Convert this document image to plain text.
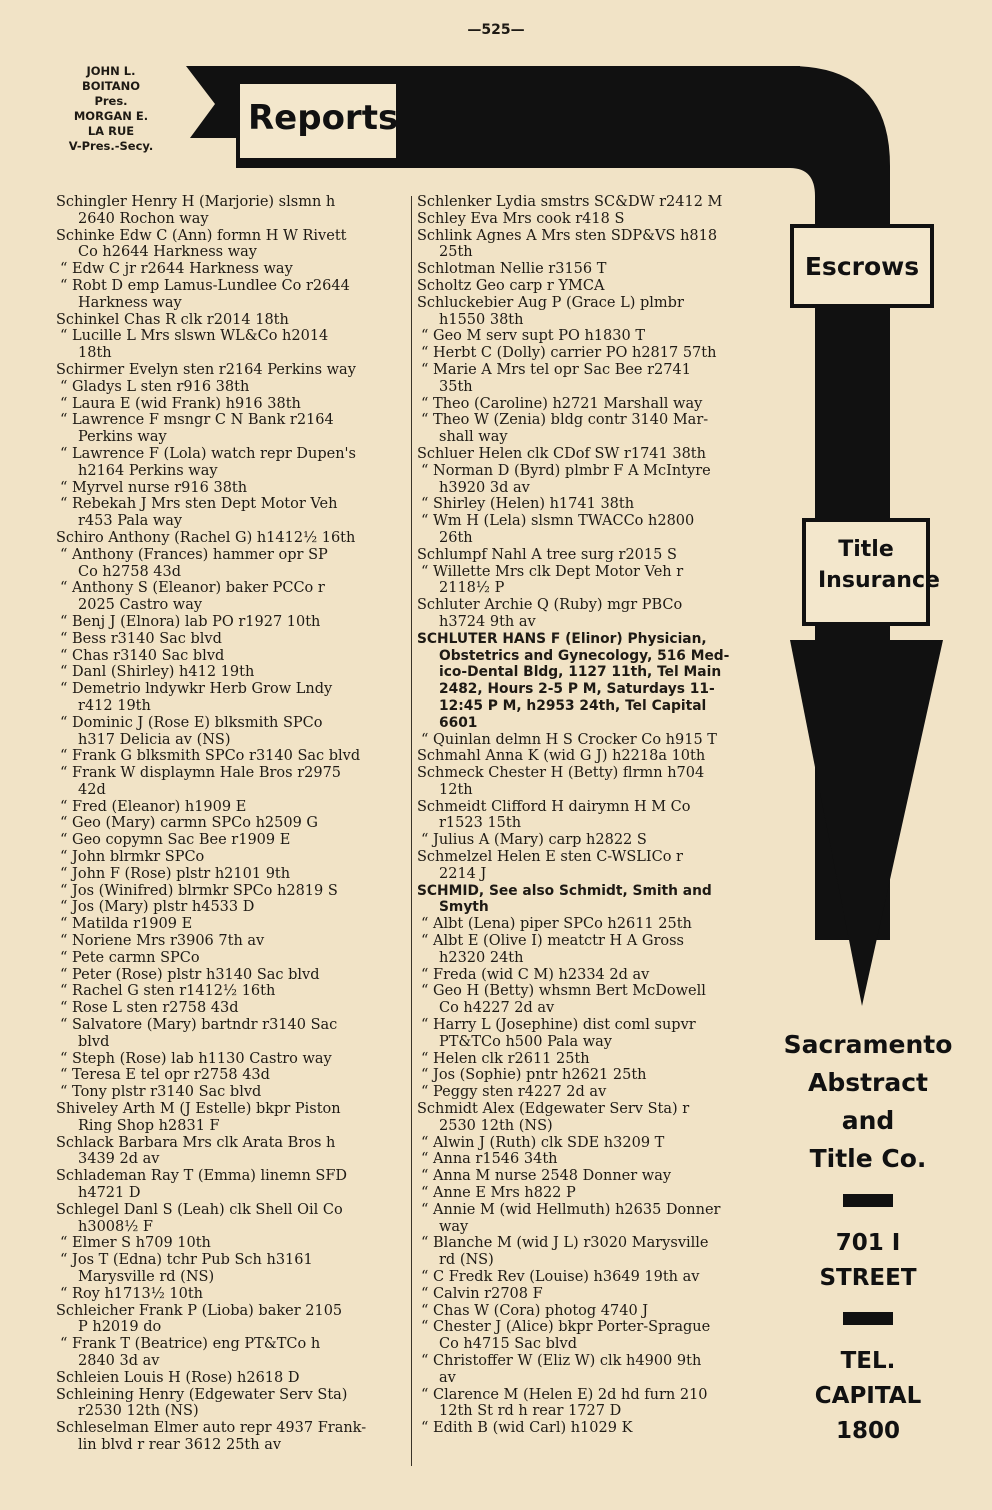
—525—
JOHN L.
BOITANO
Pres.
MORGAN E.
LA RUE
V-Pres.-Secy.
Reports
Escrows
Title
Insurance
Sacramento
Abstract
and
Title Co.
701 I
STREET
TEL.
CAPITAL
1800
Schingler Henry H (Marjorie) slsmn h
2640 Rochon way
Schinke Edw C (Ann) formn H W Rivett
Co h2644 Harkness way
“ Edw C jr r2644 Harkness way
“ Robt D emp Lamus-Lundlee Co r2644
Harkness way
Schinkel Chas R clk r2014 18th
“ Lucille L Mrs slswn WL&Co h2014
18th
Schirmer Evelyn sten r2164 Perkins way
“ Gladys L sten r916 38th
“ Laura E (wid Frank) h916 38th
“ Lawrence F msngr C N Bank r2164
Perkins way
“ Lawrence F (Lola) watch repr Dupen's
h2164 Perkins way
“ Myrvel nurse r916 38th
“ Rebekah J Mrs sten Dept Motor Veh
r453 Pala way
Schiro Anthony (Rachel G) h1412½ 16th
“ Anthony (Frances) hammer opr SP
Co h2758 43d
“ Anthony S (Eleanor) baker PCCo r
2025 Castro way
“ Benj J (Elnora) lab PO r1927 10th
“ Bess r3140 Sac blvd
“ Chas r3140 Sac blvd
“ Danl (Shirley) h412 19th
“ Demetrio lndywkr Herb Grow Lndy
r412 19th
“ Dominic J (Rose E) blksmith SPCo
h317 Delicia av (NS)
“ Frank G blksmith SPCo r3140 Sac blvd
“ Frank W displaymn Hale Bros r2975
42d
“ Fred (Eleanor) h1909 E
“ Geo (Mary) carmn SPCo h2509 G
“ Geo copymn Sac Bee r1909 E
“ John blrmkr SPCo
“ John F (Rose) plstr h2101 9th
“ Jos (Winifred) blrmkr SPCo h2819 S
“ Jos (Mary) plstr h4533 D
“ Matilda r1909 E
“ Noriene Mrs r3906 7th av
“ Pete carmn SPCo
“ Peter (Rose) plstr h3140 Sac blvd
“ Rachel G sten r1412½ 16th
“ Rose L sten r2758 43d
“ Salvatore (Mary) bartndr r3140 Sac
blvd
“ Steph (Rose) lab h1130 Castro way
“ Teresa E tel opr r2758 43d
“ Tony plstr r3140 Sac blvd
Shiveley Arth M (J Estelle) bkpr Piston
Ring Shop h2831 F
Schlack Barbara Mrs clk Arata Bros h
3439 2d av
Schlademan Ray T (Emma) linemn SFD
h4721 D
Schlegel Danl S (Leah) clk Shell Oil Co
h3008½ F
“ Elmer S h709 10th
“ Jos T (Edna) tchr Pub Sch h3161
Marysville rd (NS)
“ Roy h1713½ 10th
Schleicher Frank P (Lioba) baker 2105
P h2019 do
“ Frank T (Beatrice) eng PT&TCo h
2840 3d av
Schleien Louis H (Rose) h2618 D
Schleining Henry (Edgewater Serv Sta)
r2530 12th (NS)
Schleselman Elmer auto repr 4937 Frank-
lin blvd r rear 3612 25th av
Schlenker Lydia smstrs SC&DW r2412 M
Schley Eva Mrs cook r418 S
Schlink Agnes A Mrs sten SDP&VS h818
25th
Schlotman Nellie r3156 T
Scholtz Geo carp r YMCA
Schluckebier Aug P (Grace L) plmbr
h1550 38th
“ Geo M serv supt PO h1830 T
“ Herbt C (Dolly) carrier PO h2817 57th
“ Marie A Mrs tel opr Sac Bee r2741
35th
“ Theo (Caroline) h2721 Marshall way
“ Theo W (Zenia) bldg contr 3140 Mar-
shall way
Schluer Helen clk CDof SW r1741 38th
“ Norman D (Byrd) plmbr F A McIntyre
h3920 3d av
“ Shirley (Helen) h1741 38th
“ Wm H (Lela) slsmn TWACCo h2800
26th
Schlumpf Nahl A tree surg r2015 S
“ Willette Mrs clk Dept Motor Veh r
2118½ P
Schluter Archie Q (Ruby) mgr PBCo
h3724 9th av
SCHLUTER HANS F (Elinor) Physician,
Obstetrics and Gynecology, 516 Med-
ico-Dental Bldg, 1127 11th, Tel Main
2482, Hours 2-5 P M, Saturdays 11-
12:45 P M, h2953 24th, Tel Capital
6601
“ Quinlan delmn H S Crocker Co h915 T
Schmahl Anna K (wid G J) h2218a 10th
Schmeck Chester H (Betty) flrmn h704
12th
Schmeidt Clifford H dairymn H M Co
r1523 15th
“ Julius A (Mary) carp h2822 S
Schmelzel Helen E sten C-WSLICo r
2214 J
SCHMID, See also Schmidt, Smith and
Smyth
“ Albt (Lena) piper SPCo h2611 25th
“ Albt E (Olive I) meatctr H A Gross
h2320 24th
“ Freda (wid C M) h2334 2d av
“ Geo H (Betty) whsmn Bert McDowell
Co h4227 2d av
“ Harry L (Josephine) dist coml supvr
PT&TCo h500 Pala way
“ Helen clk r2611 25th
“ Jos (Sophie) pntr h2621 25th
“ Peggy sten r4227 2d av
Schmidt Alex (Edgewater Serv Sta) r
2530 12th (NS)
“ Alwin J (Ruth) clk SDE h3209 T
“ Anna r1546 34th
“ Anna M nurse 2548 Donner way
“ Anne E Mrs h822 P
“ Annie M (wid Hellmuth) h2635 Donner
way
“ Blanche M (wid J L) r3020 Marysville
rd (NS)
“ C Fredk Rev (Louise) h3649 19th av
“ Calvin r2708 F
“ Chas W (Cora) photog 4740 J
“ Chester J (Alice) bkpr Porter-Sprague
Co h4715 Sac blvd
“ Christoffer W (Eliz W) clk h4900 9th
av
“ Clarence M (Helen E) 2d hd furn 210
12th St rd h rear 1727 D
“ Edith B (wid Carl) h1029 K
